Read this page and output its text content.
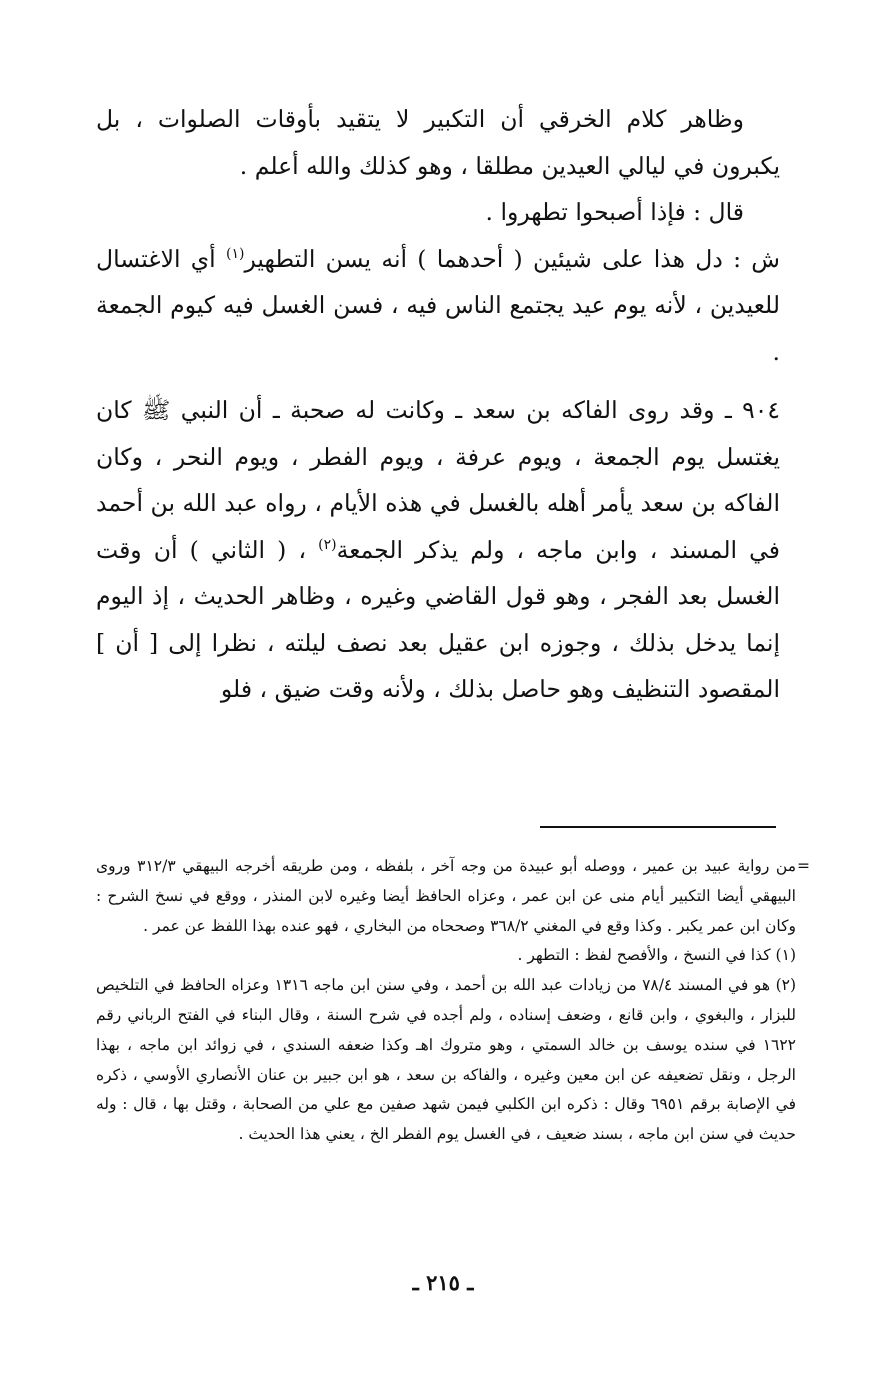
وظاهر كلام الخرقي أن التكبير لا يتقيد بأوقات الصلوات ، بل يكبرون في ليالي العيدين مطلقا ، وهو كذلك والله أعلم .

قال : فإذا أصبحوا تطهروا .

ش : دل هذا على شيئين ( أحدهما ) أنه يسن التطهير$^{(١)}$ أي الاغتسال للعيدين ، لأنه يوم عيد يجتمع الناس فيه ، فسن الغسل فيه كيوم الجمعة .

٩٠٤ ـ وقد روى الفاكه بن سعد ـ وكانت له صحبة ـ أن النبي ﷺ كان يغتسل يوم الجمعة ، ويوم عرفة ، ويوم الفطر ، ويوم النحر ، وكان الفاكه بن سعد يأمر أهله بالغسل في هذه الأيام ، رواه عبد الله بن أحمد في المسند ، وابن ماجه ، ولم يذكر الجمعة$^{(٢)}$ ، ( الثاني ) أن وقت الغسل بعد الفجر ، وهو قول القاضي وغيره ، وظاهر الحديث ، إذ اليوم إنما يدخل بذلك ، وجوزه ابن عقيل بعد نصف ليلته ، نظرا إلى [ أن ] المقصود التنظيف وهو حاصل بذلك ، ولأنه وقت ضيق ، فلو

=
من رواية عبيد بن عمير ، ووصله أبو عبيدة من وجه آخر ، بلفظه ، ومن طريقه أخرجه البيهقي ٣١٢/٣ وروى البيهقي أيضا التكبير أيام منى عن ابن عمر ، وعزاه الحافظ أيضا وغيره لابن المنذر ، ووقع في نسخ الشرح : وكان ابن عمر يكبر . وكذا وقع في المغني ٣٦٨/٢ وصححاه من البخاري ، فهو عنده بهذا اللفظ عن عمر .

(١) كذا في النسخ ، والأفصح لفظ : التطهر .

(٢) هو في المسند ٧٨/٤ من زيادات عبد الله بن أحمد ، وفي سنن ابن ماجه ١٣١٦ وعزاه الحافظ في التلخيص للبزار ، والبغوي ، وابن قانع ، وضعف إسناده ، ولم أجده في شرح السنة ، وقال البناء في الفتح الرباني رقم ١٦٢٢ في سنده يوسف بن خالد السمتي ، وهو متروك اهـ وكذا ضعفه السندي ، في زوائد ابن ماجه ، بهذا الرجل ، ونقل تضعيفه عن ابن معين وغيره ، والفاكه بن سعد ، هو ابن جبير بن عنان الأنصاري الأوسي ، ذكره في الإصابة برقم ٦٩٥١ وقال : ذكره ابن الكلبي فيمن شهد صفين مع علي من الصحابة ، وقتل بها ، قال : وله حديث في سنن ابن ماجه ، بسند ضعيف ، في الغسل يوم الفطر الخ ، يعني هذا الحديث .

ـ ٢١٥ ـ
